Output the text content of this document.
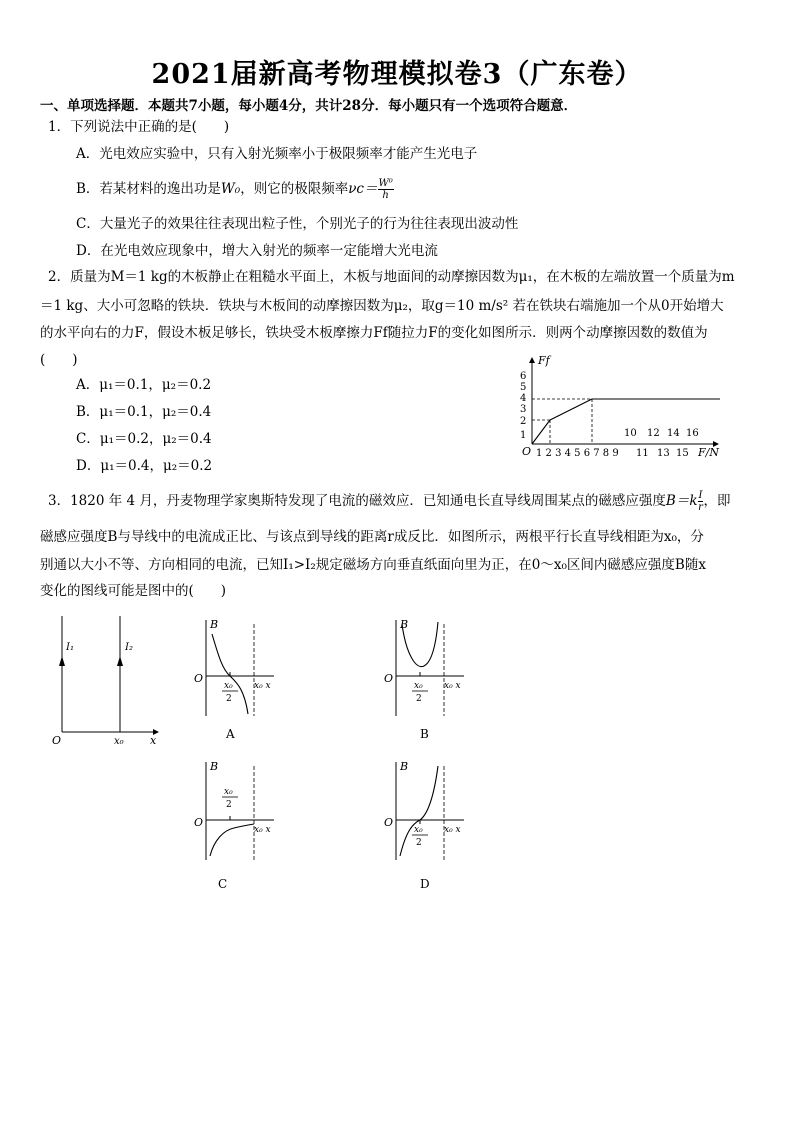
2021届新高考物理模拟卷3（广东卷）
一、单项选择题．本题共7小题，每小题4分，共计28分．每小题只有一个选项符合题意．
1．下列说法中正确的是(　　)
A．光电效应实验中，只有入射光频率小于极限频率才能产生光电子
B．若某材料的逸出功是W₀，则它的极限频率$\nu c= \frac{\text{W⁰}}{h}$
C．大量光子的效果往往表现出粒子性，个别光子的行为往往表现出波动性
D．在光电效应现象中，增大入射光的频率一定能增大光电流
2．质量为M＝1 kg的木板静止在粗糙水平面上，木板与地面间的动摩擦因数为μ₁，在木板的左端放置一个质量为m
＝1 kg、大小可忽略的铁块．铁块与木板间的动摩擦因数为μ₂，取g＝10 m/s² 若在铁块右端施加一个从0开始增大
的水平向右的力F，假设木板足够长，铁块受木板摩擦力Ff随拉力F的变化如图所示．则两个动摩擦因数的数值为
(　　)
A．μ₁＝0.1，μ₂＝0.2
B．μ₁＝0.1，μ₂＝0.4
C．μ₁＝0.2，μ₂＝0.4
D．μ₁＝0.4，μ₂＝0.2
Ff
F/N
O
1
2
3
4
5
6
1 2 3 4 5 6 7 8 9
10 12 14 16
11 13 15
3．1820 年 4 月，丹麦物理学家奥斯特发现了电流的磁效应．已知通电长直导线周围某点的磁感应强度$B=k \frac{I}{r}$ ，即
磁感应强度B与导线中的电流成正比、与该点到导线的距离r成反比．如图所示，两根平行长直导线相距为x₀，分
别通以大小不等、方向相同的电流，已知I₁>I₂规定磁场方向垂直纸面向里为正，在0～x₀区间内磁感应强度B随x
变化的图线可能是图中的(　　)
I₁	I₂
O	x₀ x
B
O
x₀
2
x₀ x
A
B
O
x₀
2
x₀ x
B
B
O
x₀
2
x₀ x
C
B
O
x₀
2
x₀ x
D
